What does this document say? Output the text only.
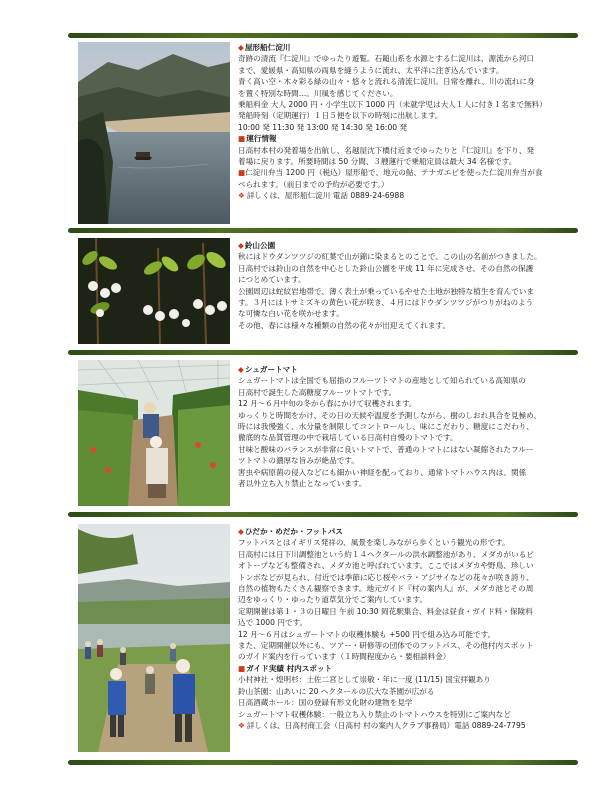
◆ 屋形船仁淀川
奇跡の清流『仁淀川』でゆったり遊覧。石鎚山系を水源とする仁淀川は、源流から河口
まで、愛媛県・高知県の両県を縫うように流れ、太平洋に注ぎ込んでいます。
青く高い空・木々彩る緑の山々・悠々と流れる清流仁淀川。日常を離れ、川の流れに身
を置く特別な時間…。川風を感じてください。
乗船料金 大人 2000 円・小学生以下 1000 円（未就学児は大人１人に付き１名まで無料）
発船時刻（定期運行）１日５便を以下の時刻に出航します。
10:00 発 11:30 発 13:00 発 14:30 発 16:00 発
■ 運行情報
日高村本村の発着場を出航し、名越屋沈下橋付近までゆったりと『仁淀川』を下り、発
着場に戻ります。所要時間は 50 分間、３艘運行で乗船定員は最大 34 名様です。
■仁淀川弁当 1200 円（税込）屋形船で、地元の鮎、テナガエビを使った仁淀川弁当が食
べられます。（前日までの予約が必要です。）
❖ 詳しくは、屋形船仁淀川 電話 0889-24-6988
◆ 鈴山公園
秋にはドウダンツツジの紅葉で山が錦に染まるとのことで、この山の名前がつきました。
日高村では鈴山の自然を中心とした鈴山公園を平成 11 年に完成させ、その自然の保護
につとめています。
公園周辺は蛇紋岩地帯で、薄く表土が乗っているやせた土地が独特な植生を育んでいま
す。３月にはトサミズキの黄色い花が咲き、４月にはドウダンツツジがつりがねのよう
な可憐な白い花を咲かせます。
その他、春には様々な種類の自然の花々が出迎えてくれます。
◆ シュガートマト
シュガートマトは全国でも屈指のフルーツトマトの産地として知られている高知県の
日高村で誕生した高糖度フルーツトマトです。
12 月～６月中旬の冬から春にかけて収穫されます。
ゆっくりと時間をかけ、その日の天候や温度を予測しながら、樹のしおれ具合を見極め、
時には我慢強く、水分量を制限してコントロールし、味にこだわり、糖度にこだわり、
徹底的な品質管理の中で栽培している日高村自慢のトマトです。
甘味と酸味のバランスが非常に良いトマトで、普通のトマトにはない凝縮されたフルー
ツトマトの濃厚な旨みが絶品です。
害虫や病原菌の侵入などにも細かい神経を配っており、通常トマトハウス内は、関係
者以外立ち入り禁止となっています。
◆ ひだか・めだか・フットパス
フットパスとはイギリス発祥の、風景を楽しみながら歩くという観光の形です。
日高村には日下川調整池という約１４ヘクタールの洪水調整池があり、メダカがいるビ
オトープなども整備され、メダカ池と呼ばれています。ここではメダカや野鳥、珍しい
トンボなどが見られ、付近では季節に応じ桜やバラ・アジサイなどの花々が咲き誇り、
自然の植物もたくさん観察できます。地元ガイド『村の案内人』が、メダカ池とその周
辺をゆっくり・ゆったり道草気分でご案内しています。
定期開催は第１・３の日曜日 午前 10:30 岡花駅集合、料金は昼食・ガイド料・保険料
込で 1000 円です。
12 月～６月はシュガートマトの収穫体験も +500 円で組み込み可能です。
また、定期開催以外にも、ツアー・研修等の団体でのフットパス、その他村内スポット
のガイド案内を行っています（１時間程度から・要相談料金）
■ ガイド実績 村内スポット
小村神社・煌明杉：土佐二宮として崇敬・年に一度 (11/15) 国宝拝観あり
鈴山茶園：山あいに 20 ヘクタールの広大な茶園が広がる
日高酒蔵ホール：国の登録有形文化財の建物を見学
シュガートマト収穫体験：一般立ち入り禁止のトマトハウスを特別にご案内など
❖ 詳しくは、日高村商工会（日高村 村の案内人クラブ事務局）電話 0889-24-7795
